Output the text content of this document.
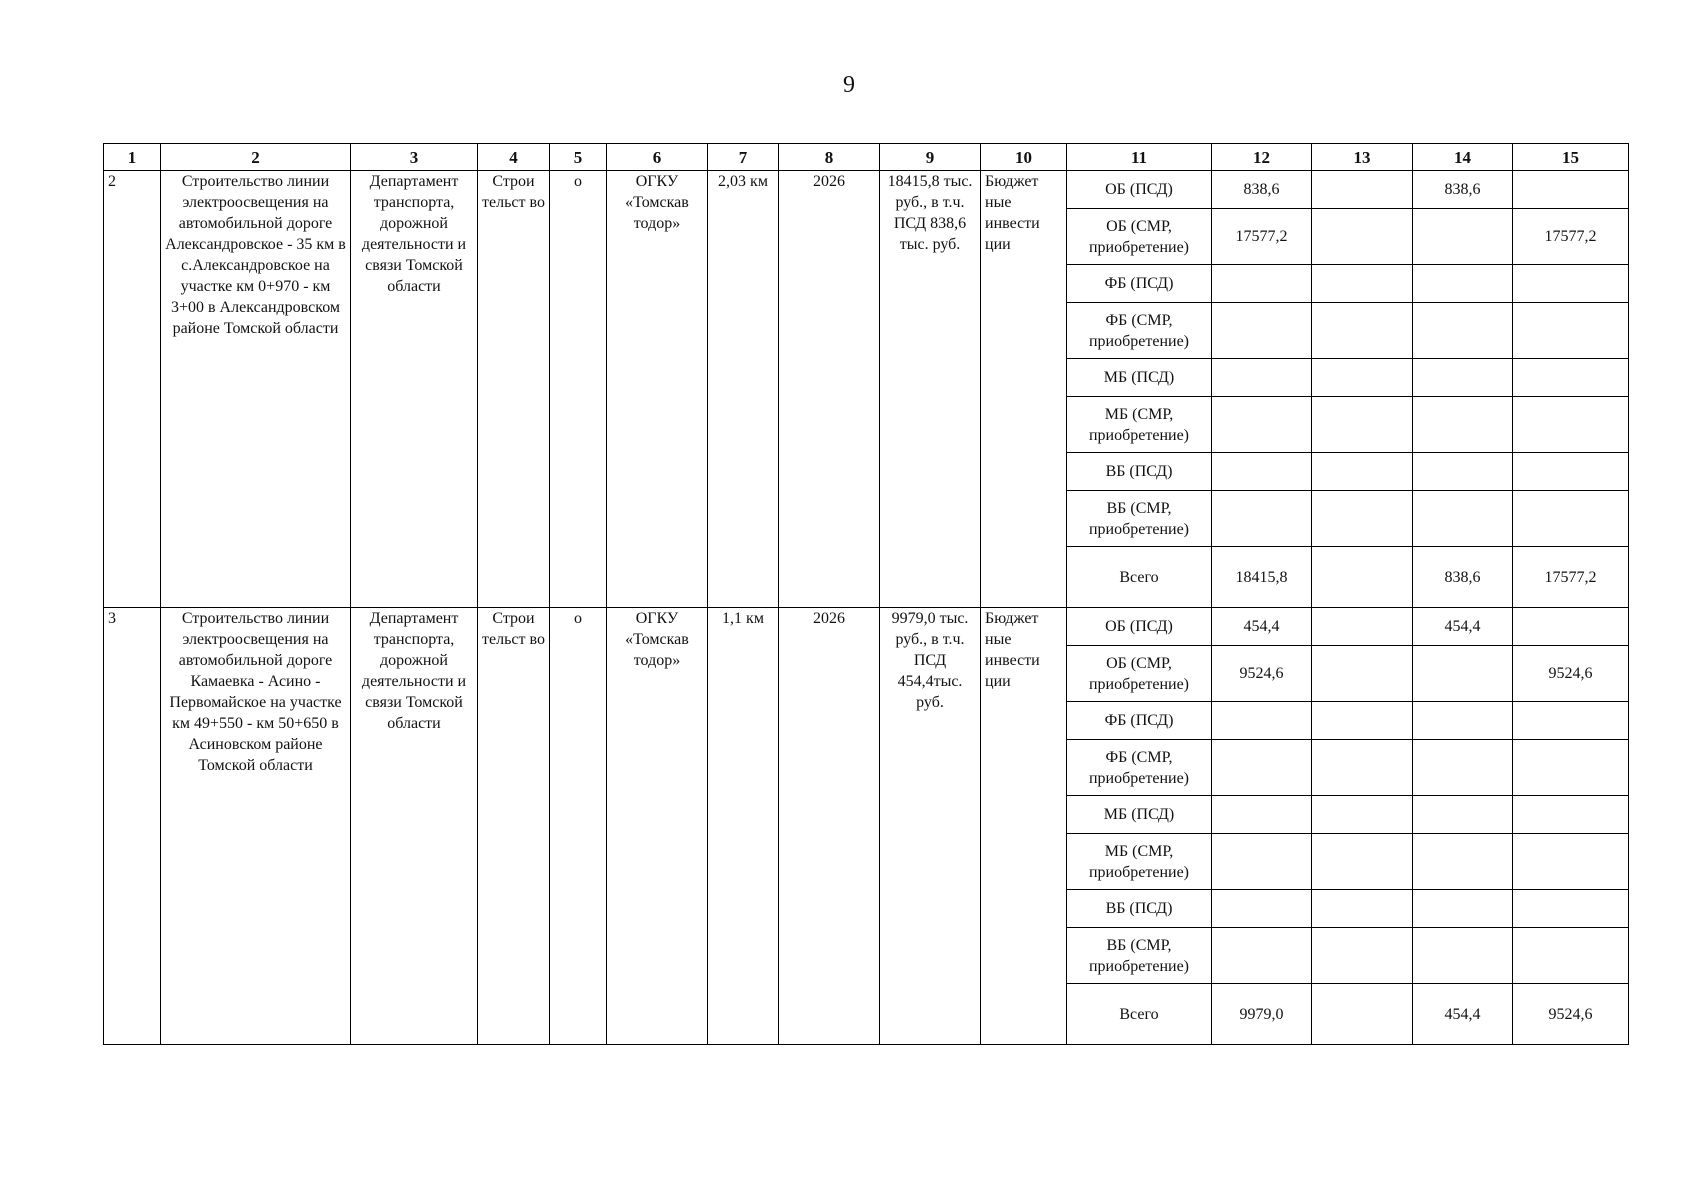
9
1	2	3	4	5	6	7	8	9	10	11	12	13	14	15
2	Строительство линии электроосвещения на автомобильной дороге Александровское - 35 км в с.Александровское на участке км 0+970 - км 3+00 в Александровском районе Томской области	Департамент транспорта, дорожной деятельности и связи Томской области	Строи тельст во	о	ОГКУ «Томскав тодор»	2,03 км	2026	18415,8 тыс. руб., в т.ч. ПСД 838,6 тыс. руб.	Бюджет ные инвести ции	ОБ (ПСД)	838,6		838,6	
										ОБ (СМР, приобретение)	17577,2			17577,2
										ФБ (ПСД)				
										ФБ (СМР, приобретение)				
										МБ (ПСД)				
										МБ (СМР, приобретение)				
										ВБ (ПСД)				
										ВБ (СМР, приобретение)				
										Всего	18415,8		838,6	17577,2
3	Строительство линии электроосвещения на автомобильной дороге Камаевка - Асино - Первомайское на участке км 49+550 - км 50+650 в Асиновском районе Томской области	Департамент транспорта, дорожной деятельности и связи Томской области	Строи тельст во	о	ОГКУ «Томскав тодор»	1,1 км	2026	9979,0 тыс. руб., в т.ч. ПСД 454,4тыс. руб.	Бюджет ные инвести ции	ОБ (ПСД)	454,4		454,4	
										ОБ (СМР, приобретение)	9524,6			9524,6
										ФБ (ПСД)				
										ФБ (СМР, приобретение)				
										МБ (ПСД)				
										МБ (СМР, приобретение)				
										ВБ (ПСД)				
										ВБ (СМР, приобретение)				
										Всего	9979,0		454,4	9524,6
